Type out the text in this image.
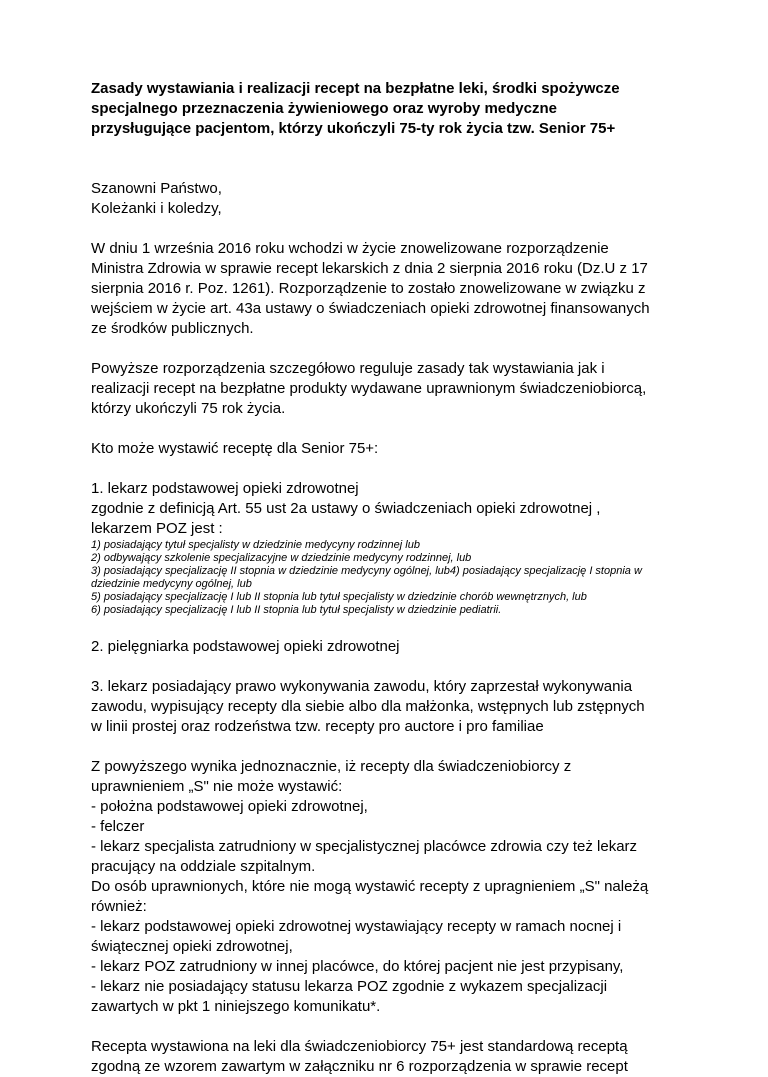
Zasady wystawiania i realizacji recept na bezpłatne leki, środki spożywcze
specjalnego przeznaczenia żywieniowego oraz wyroby medyczne
przysługujące pacjentom, którzy ukończyli 75-ty rok życia tzw. Senior 75+
Szanowni Państwo,
Koleżanki i koledzy,
W dniu 1 września 2016 roku wchodzi w życie znowelizowane rozporządzenie
Ministra Zdrowia w sprawie recept lekarskich z dnia 2 sierpnia 2016 roku (Dz.U z 17
sierpnia 2016 r. Poz. 1261). Rozporządzenie to zostało znowelizowane w związku z
wejściem w życie art. 43a ustawy o świadczeniach opieki zdrowotnej finansowanych
ze środków publicznych.
Powyższe rozporządzenia szczegółowo reguluje zasady tak wystawiania jak i
realizacji recept na bezpłatne produkty wydawane uprawnionym świadczeniobiorcą,
którzy ukończyli 75 rok życia.
Kto może wystawić receptę dla Senior 75+:
1. lekarz podstawowej opieki zdrowotnej
zgodnie z definicją Art. 55 ust 2a ustawy o świadczeniach opieki zdrowotnej ,
lekarzem POZ jest :
1) posiadający tytuł specjalisty w dziedzinie medycyny rodzinnej lub
2) odbywający szkolenie specjalizacyjne w dziedzinie medycyny rodzinnej, lub
3) posiadający specjalizację II stopnia w dziedzinie medycyny ogólnej, lub4) posiadający specjalizację I stopnia w
dziedzinie medycyny ogólnej, lub
5) posiadający specjalizację I lub II stopnia lub tytuł specjalisty w dziedzinie chorób wewnętrznych, lub
6) posiadający specjalizację I lub II stopnia lub tytuł specjalisty w dziedzinie pediatrii.
2. pielęgniarka podstawowej opieki zdrowotnej
3. lekarz posiadający prawo wykonywania zawodu, który zaprzestał wykonywania
zawodu, wypisujący recepty dla siebie albo dla małżonka, wstępnych lub zstępnych
w linii prostej oraz rodzeństwa tzw. recepty pro auctore i pro familiae
Z powyższego wynika jednoznacznie, iż recepty dla świadczeniobiorcy z
uprawnieniem „S" nie może wystawić:
- położna podstawowej opieki zdrowotnej,
- felczer
- lekarz specjalista zatrudniony w specjalistycznej placówce zdrowia czy też lekarz
pracujący na oddziale szpitalnym.
Do osób uprawnionych, które nie mogą wystawić recepty z upragnieniem „S" należą
również:
- lekarz podstawowej opieki zdrowotnej wystawiający recepty w ramach nocnej i
świątecznej opieki zdrowotnej,
- lekarz POZ zatrudniony w innej placówce, do której pacjent nie jest przypisany,
- lekarz nie posiadający statusu lekarza POZ zgodnie z wykazem specjalizacji
zawartych w pkt 1 niniejszego komunikatu*.
Recepta wystawiona na leki dla świadczeniobiorcy 75+ jest standardową receptą
zgodną ze wzorem zawartym w załączniku nr 6 rozporządzenia w sprawie recept
